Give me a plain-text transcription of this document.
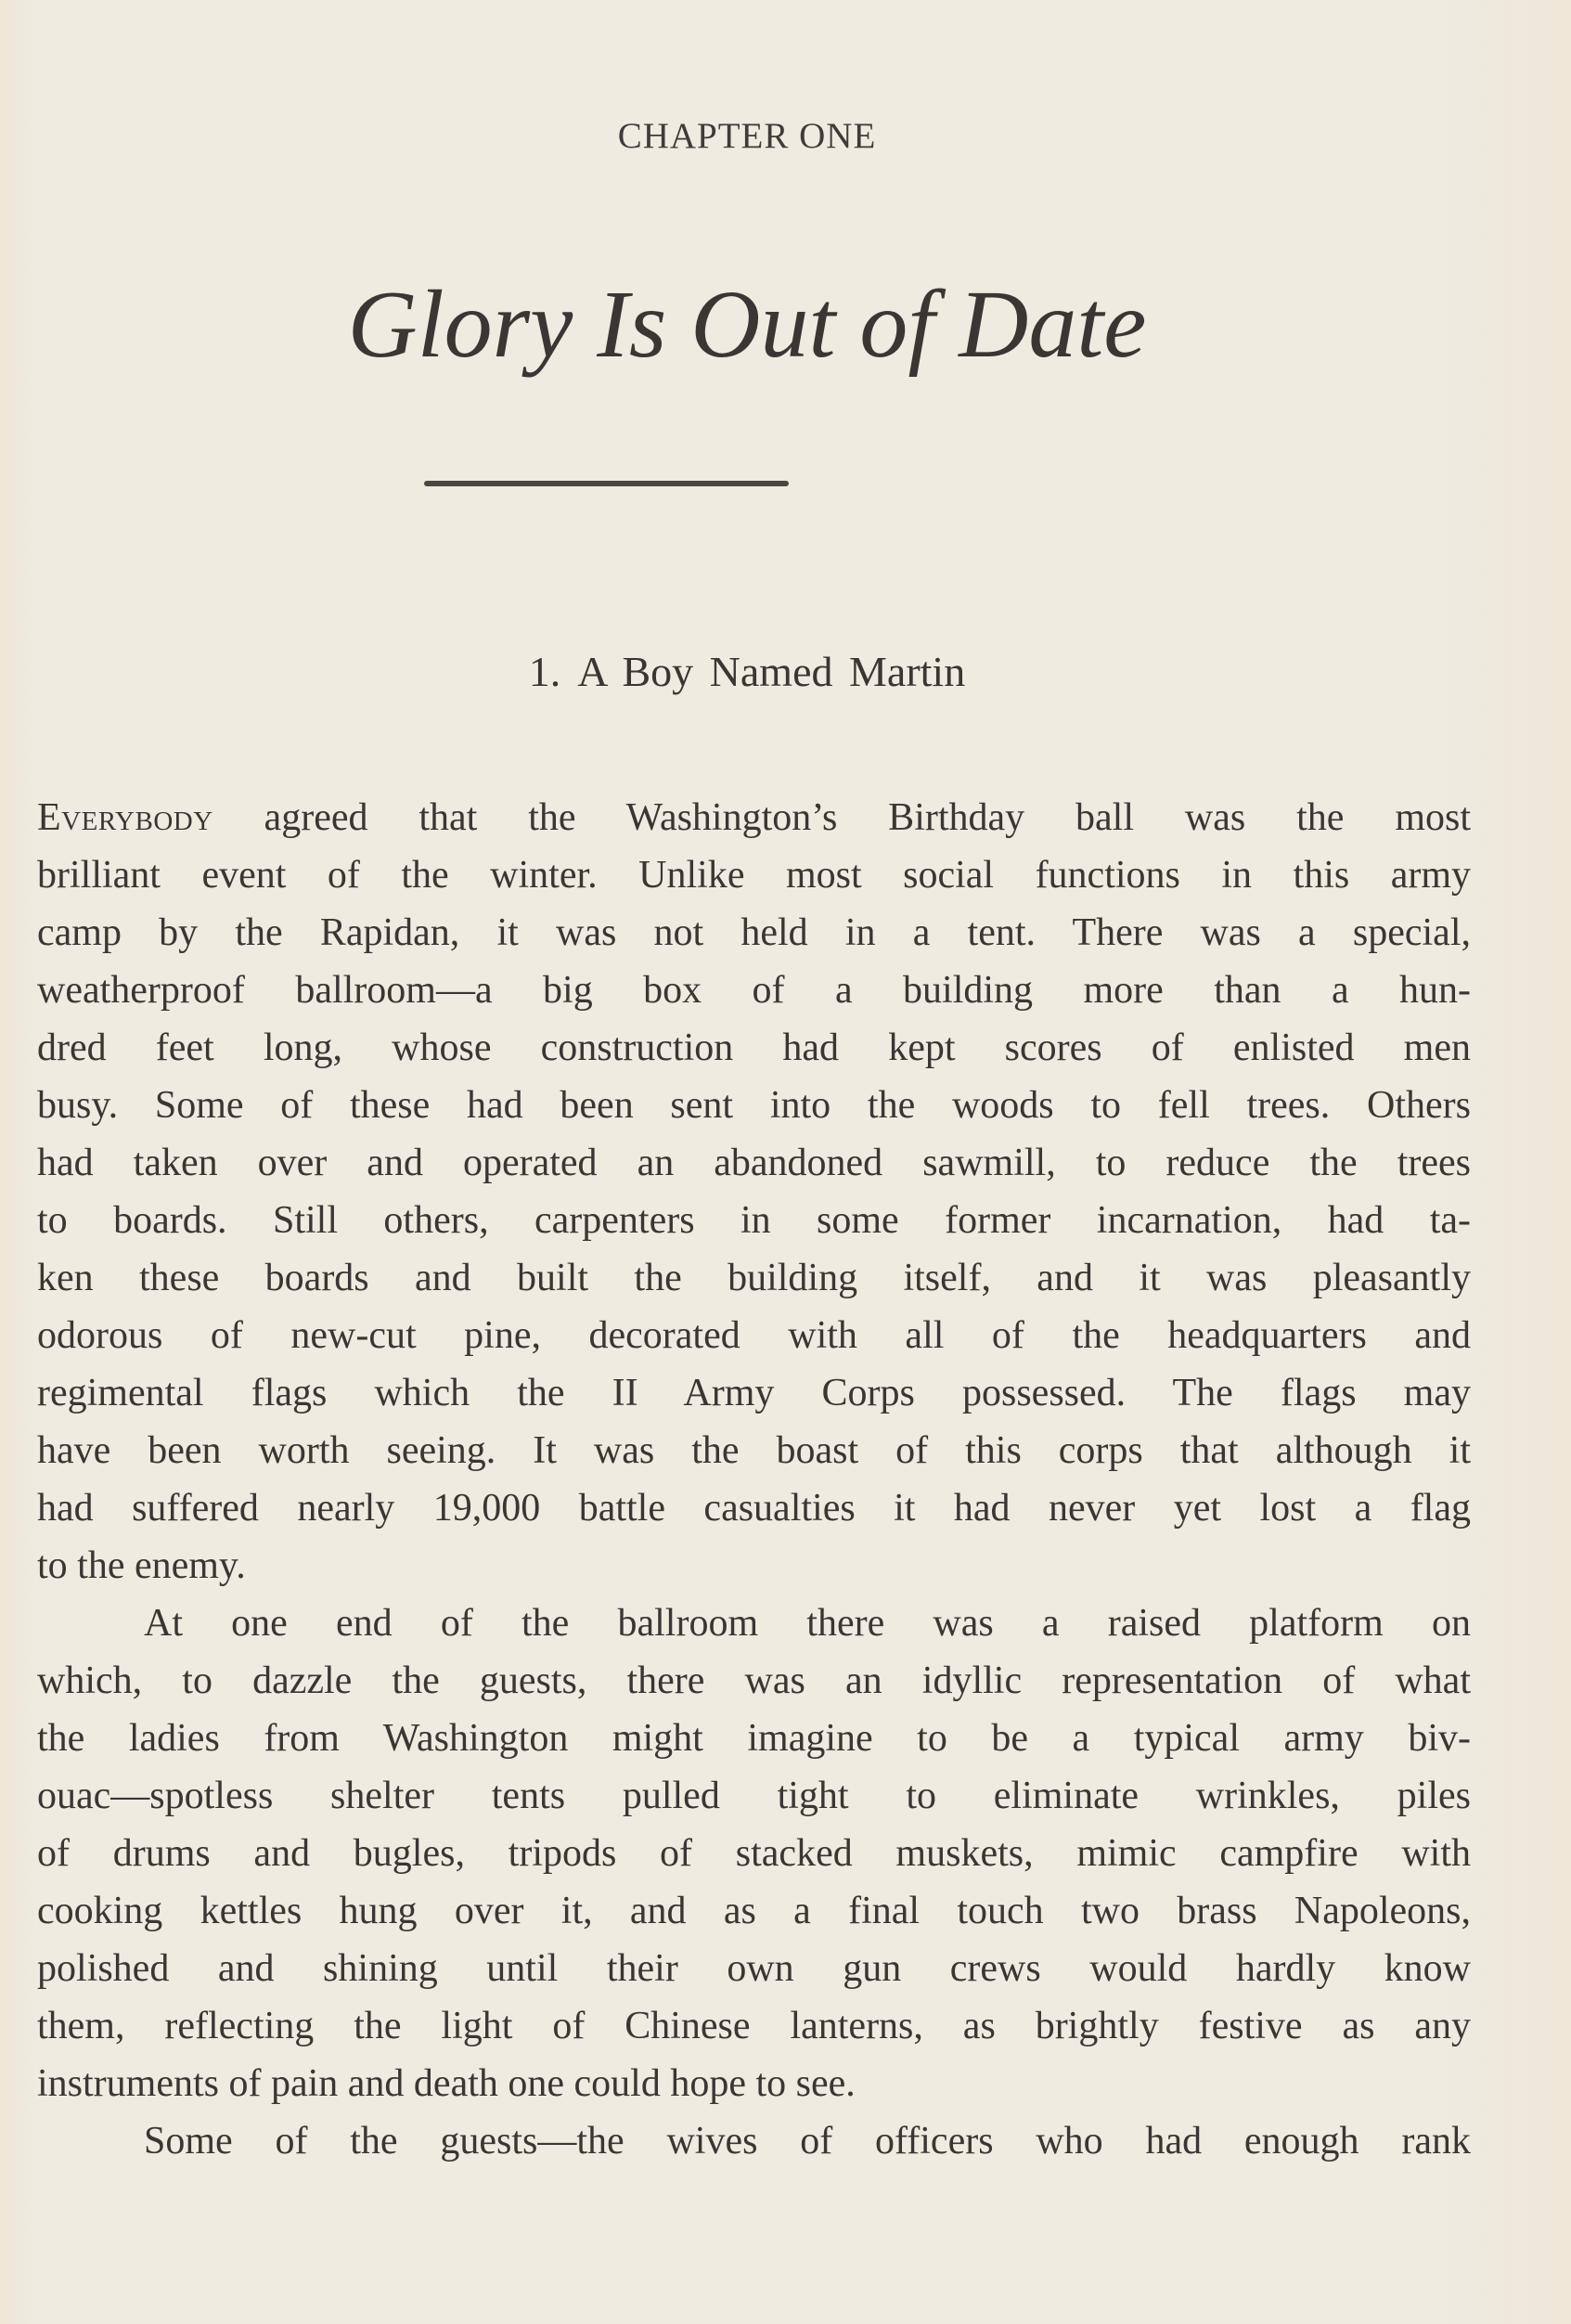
CHAPTER ONE
Glory Is Out of Date
1. A Boy Named Martin
Everybody agreed that the Washington’s Birthday ball was the most
brilliant event of the winter. Unlike most social functions in this army
camp by the Rapidan, it was not held in a tent. There was a special,
weatherproof ballroom—a big box of a building more than a hun-
dred feet long, whose construction had kept scores of enlisted men
busy. Some of these had been sent into the woods to fell trees. Others
had taken over and operated an abandoned sawmill, to reduce the trees
to boards. Still others, carpenters in some former incarnation, had ta-
ken these boards and built the building itself, and it was pleasantly
odorous of new-cut pine, decorated with all of the headquarters and
regimental flags which the II Army Corps possessed. The flags may
have been worth seeing. It was the boast of this corps that although it
had suffered nearly 19,000 battle casualties it had never yet lost a flag
to the enemy.
At one end of the ballroom there was a raised platform on
which, to dazzle the guests, there was an idyllic representation of what
the ladies from Washington might imagine to be a typical army biv-
ouac—spotless shelter tents pulled tight to eliminate wrinkles, piles
of drums and bugles, tripods of stacked muskets, mimic campfire with
cooking kettles hung over it, and as a final touch two brass Napoleons,
polished and shining until their own gun crews would hardly know
them, reflecting the light of Chinese lanterns, as brightly festive as any
instruments of pain and death one could hope to see.
Some of the guests—the wives of officers who had enough rank
